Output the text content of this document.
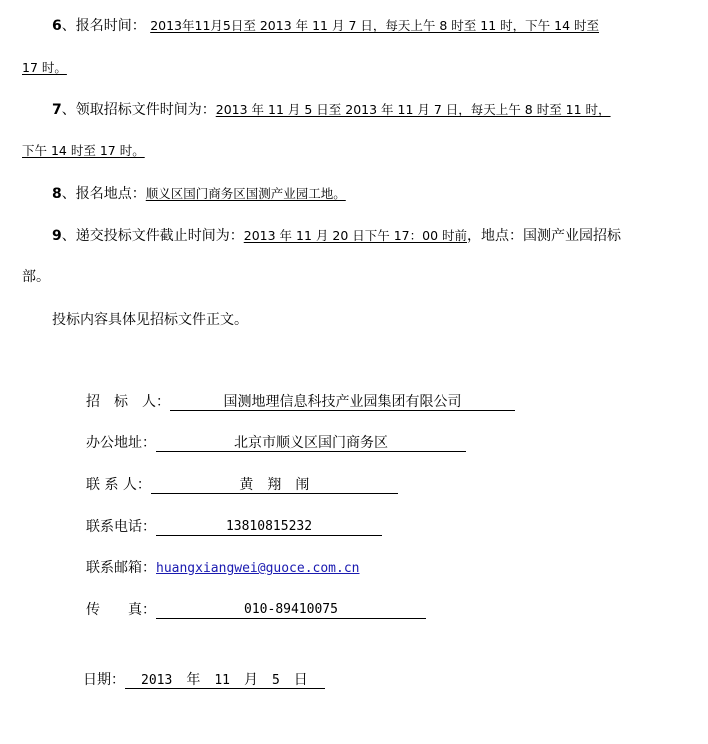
6、报名时间： 2013年11月5日至 2013 年 11 月 7 日，每天上午 8 时至 11 时，下午 14 时至
17 时。
7、领取招标文件时间为：2013 年 11 月 5 日至 2013 年 11 月 7 日，每天上午 8 时至 11 时，
下午 14 时至 17 时。
8、报名地点：顺义区国门商务区国测产业园工地。
9、递交投标文件截止时间为：2013 年 11 月 20 日下午 17：00 时前，地点：国测产业园招标
部。
投标内容具体见招标文件正文。
招　标　人：	国测地理信息科技产业园集团有限公司
办公地址：	北京市顺义区国门商务区
联 系 人：	黄　翔　闱
联系电话：	13810815232
联系邮箱：huangxiangwei@guoce.com.cn
传　　真：	010-89410075
日期： 2013 年 11 月 5 日
